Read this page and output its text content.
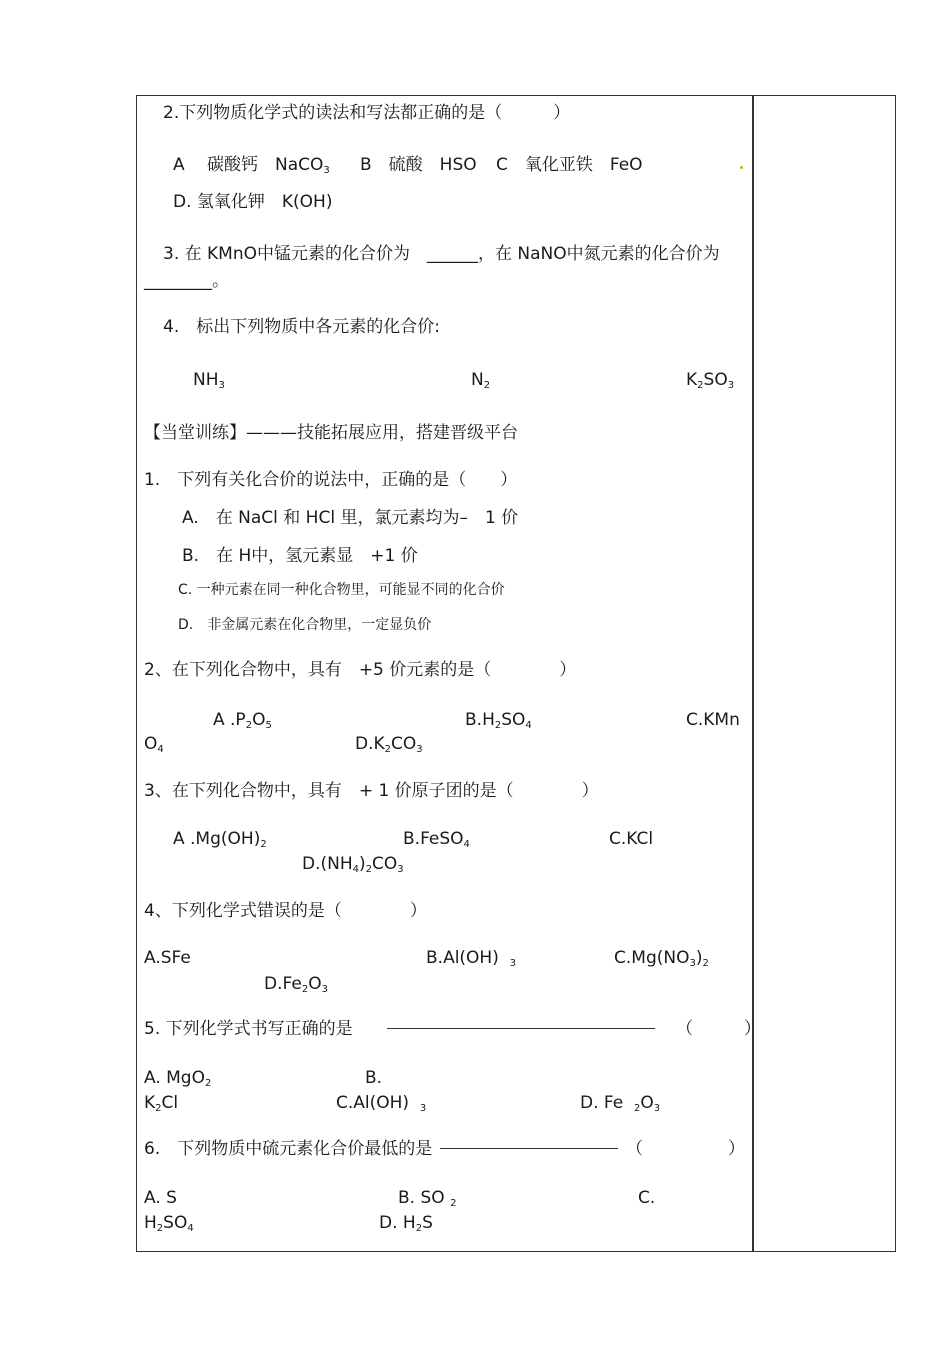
2.下列物质化学式的读法和写法都正确的是（　　　）
A　 碳酸钙　NaCO$_3$ B　硫酸　HSO C　氧化亚铁　FeO
D. 氢氧化钾　K(OH)
3. 在 KMnO中锰元素的化合价为　______，在 NaNO中氮元素的化合价为
________。
4.　标出下列物质中各元素的化合价:
$NH_3$	$N_2$	$K_2SO_3$
【当堂训练】———技能拓展应用，搭建晋级平台
1.　下列有关化合价的说法中，正确的是（　　）
A.　在 NaCl 和 HCl 里，氯元素均为–　1 价
B.　在 H中，氢元素显　+1 价
C. 一种元素在同一种化合物里，可能显不同的化合价
D.　非金属元素在化合物里，一定显负价
2、在下列化合物中，具有　+5 价元素的是（　　　　）
A $.P_2O_5$	$B.H_2SO_4$	C.KMn
$O_4$	$D.K_2CO_3$
3、在下列化合物中，具有　+ 1 价原子团的是（　　　　）
A $.Mg(OH)_2$	B.FeSO$_4$	C.KCl
$D.(NH_4)_2CO_3$
4、下列化学式错误的是（　　　　）
A.SFe	B.Al(OH) $_3$	$C.Mg(NO_3)_2$
$D.Fe_2O_3$
5. 下列化学式书写正确的是	（　　　）
A. MgO$_2$	B.
$K_2Cl$	C.Al(OH) $_3$	D. Fe $_2O_3$
6.　下列物质中硫元素化合价最低的是	（　　　　　）
A. S	B. SO $_2$	C.
$H_2SO_4$	D. $H_2S$
